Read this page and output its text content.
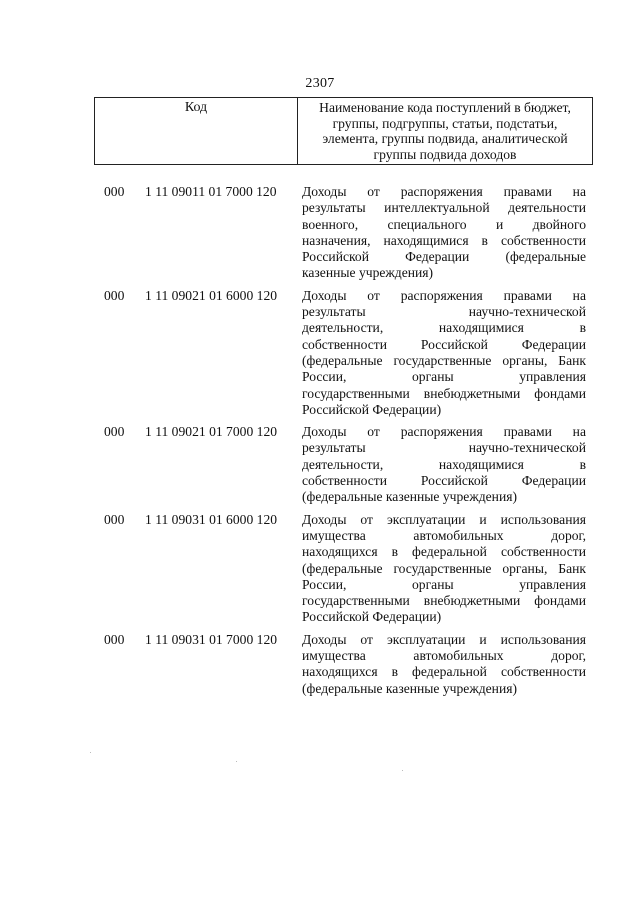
2307
Код	Наименование кода поступлений в бюджет,
группы, подгруппы, статьи, подстатьи,
элемента, группы подвида, аналитической
группы подвида доходов
000 1 11 09011 01 7000 120 Доходы от распоряжения правами на
результаты интеллектуальной деятельности
военного, специального и двойного
назначения, находящимися в собственности
Российской Федерации (федеральные
казенные учреждения)
000 1 11 09021 01 6000 120 Доходы от распоряжения правами на
результаты научно-технической
деятельности, находящимися в
собственности Российской Федерации
(федеральные государственные органы, Банк
России, органы управления
государственными внебюджетными фондами
Российской Федерации)
000 1 11 09021 01 7000 120 Доходы от распоряжения правами на
результаты научно-технической
деятельности, находящимися в
собственности Российской Федерации
(федеральные казенные учреждения)
000 1 11 09031 01 6000 120 Доходы от эксплуатации и использования
имущества автомобильных дорог,
находящихся в федеральной собственности
(федеральные государственные органы, Банк
России, органы управления
государственными внебюджетными фондами
Российской Федерации)
000 1 11 09031 01 7000 120 Доходы от эксплуатации и использования
имущества автомобильных дорог,
находящихся в федеральной собственности
(федеральные казенные учреждения)
